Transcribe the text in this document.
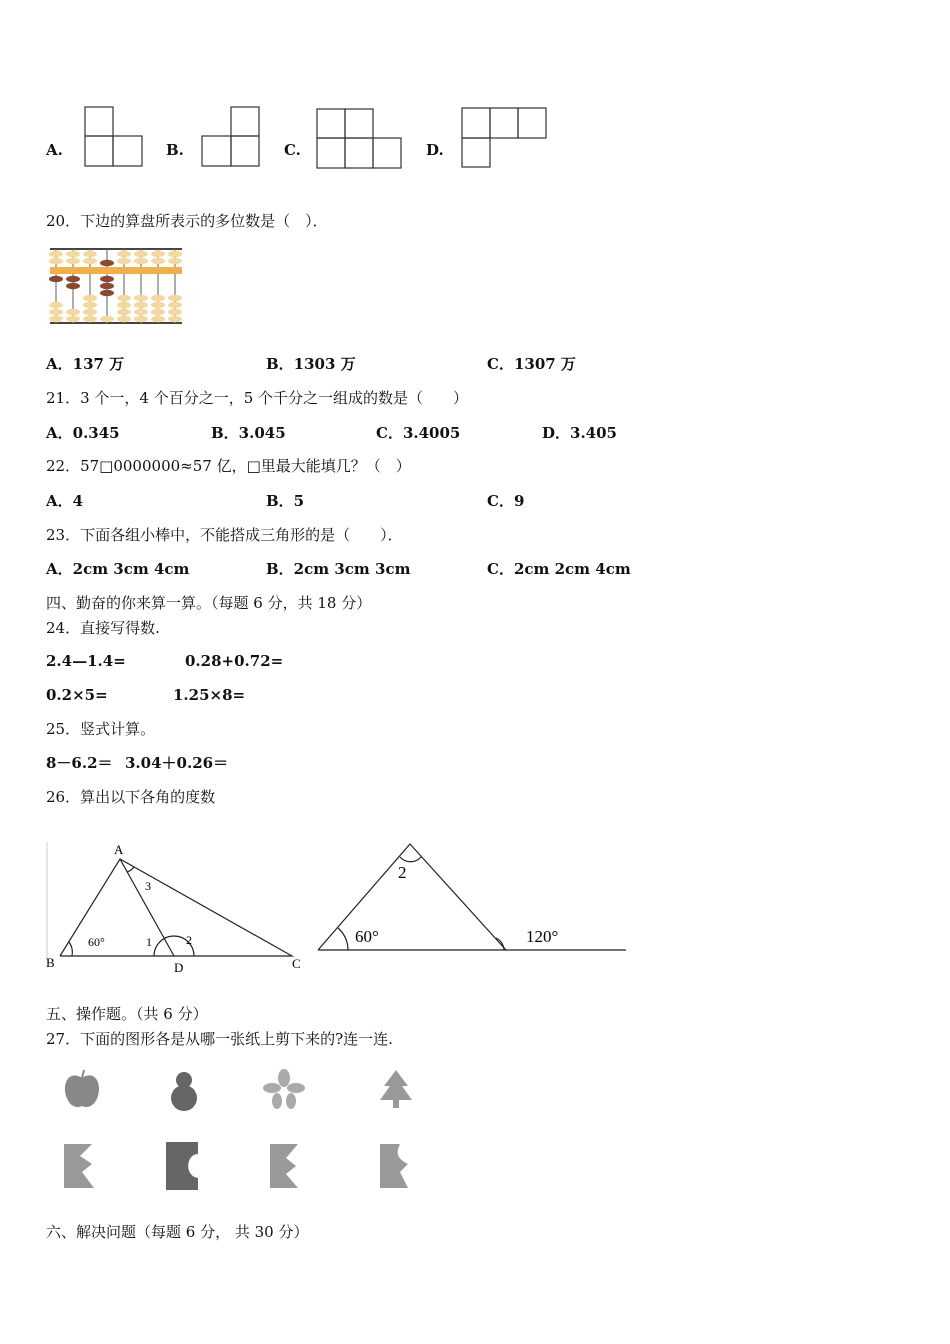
A.	B.	C.	D.
20．下边的算盘所表示的多位数是（　）．
A．137 万	B．1303 万	C．1307 万
21．3 个一，4 个百分之一，5 个千分之一组成的数是（　　）
A．0.345	B．3.045	C．3.4005	D．3.405
22．57□0000000≈57 亿，□里最大能填几？（　）
A．4	B．5	C．9
23．下面各组小棒中，不能搭成三角形的是（　　）．
A．2cm 3cm 4cm	B．2cm 3cm 3cm	C．2cm 2cm 4cm
四、勤奋的你来算一算。（每题 6 分，共 18 分）
24．直接写得数.
2.4—1.4=	0.28+0.72=
0.2×5=	1.25×8=
25．竖式计算。
8－6.2＝ 3.04＋0.26＝
26．算出以下各角的度数
A
B	C
D
60°	1	2
3
2
60°	120°
五、操作题。（共 6 分）
27．下面的图形各是从哪一张纸上剪下来的?连一连.
六、解决问题（每题 6 分， 共 30 分）
